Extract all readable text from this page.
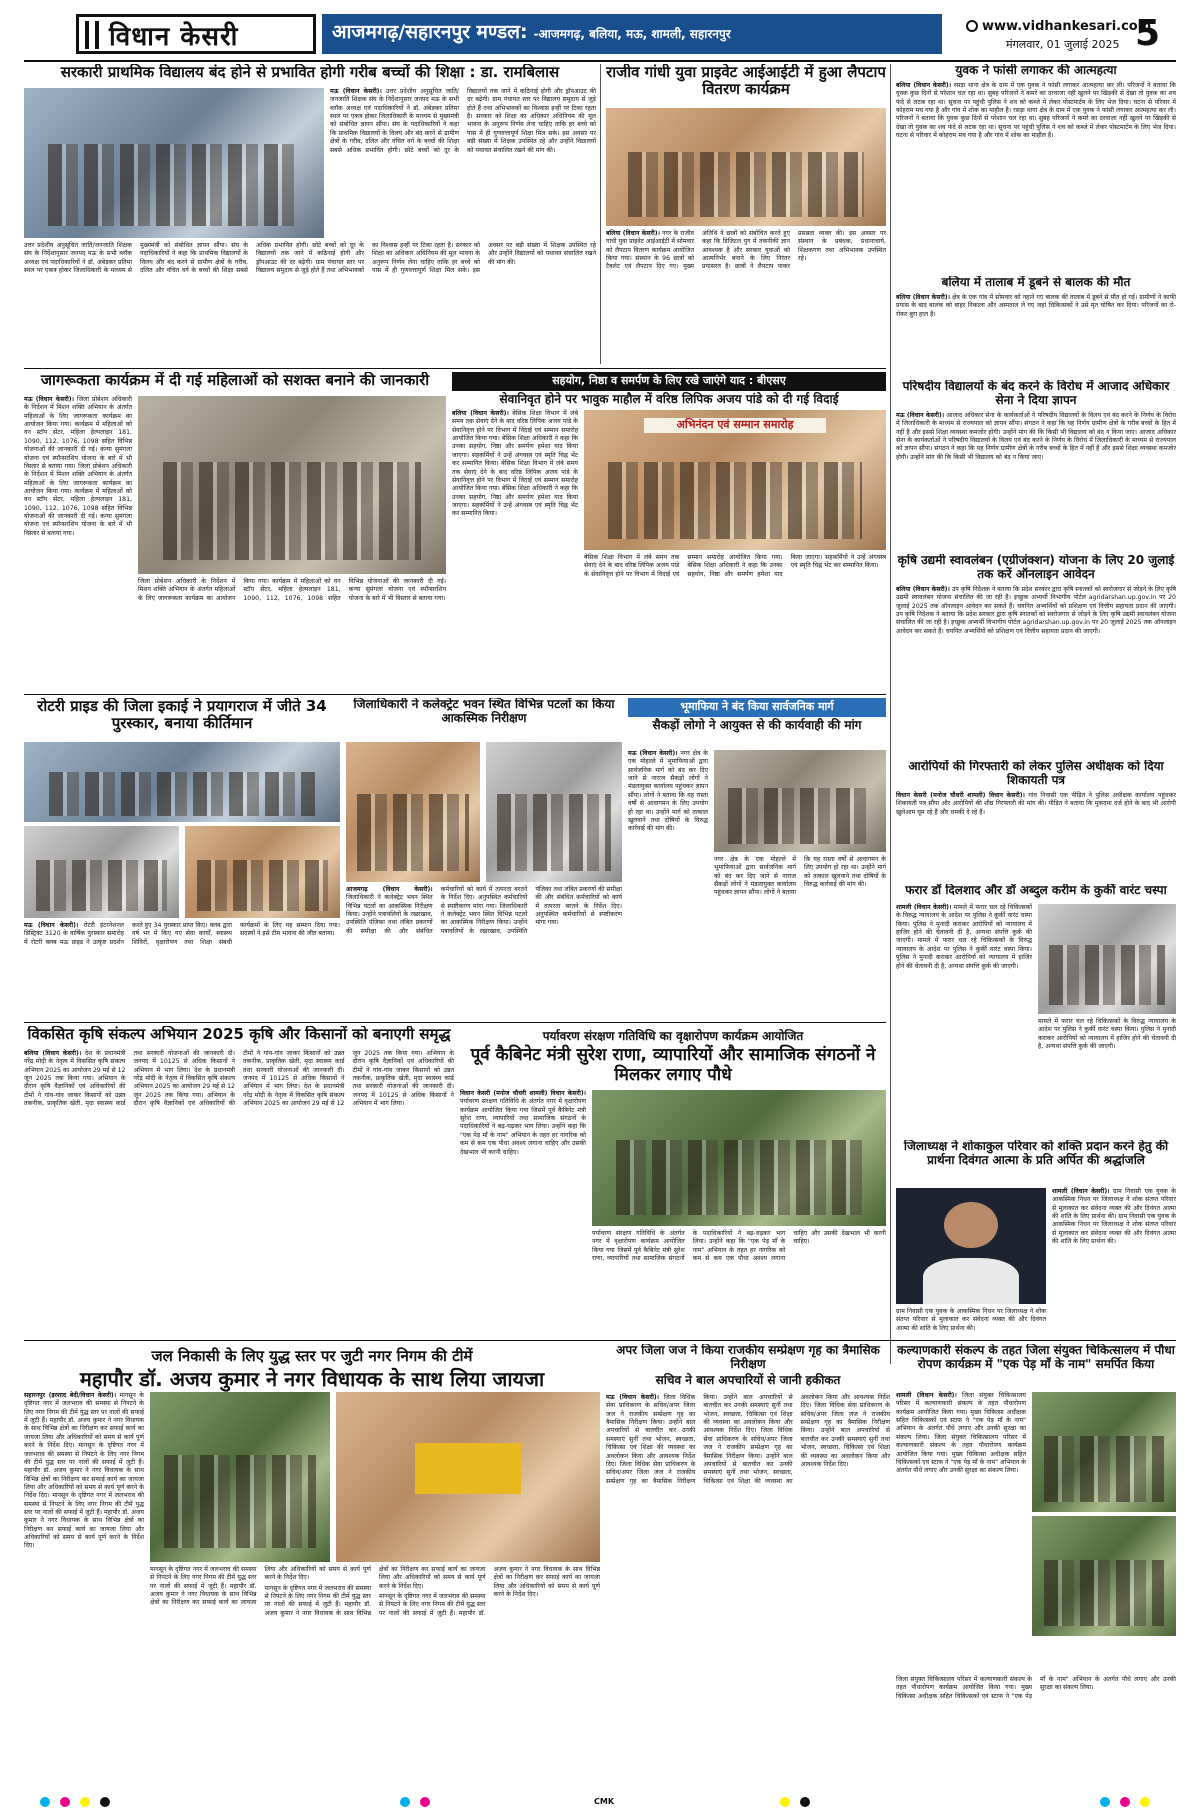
विधान केसरी	आजमगढ़/सहारनपुर मण्डल: -आजमगढ़, बलिया, मऊ, शामली, सहारनपुर	www.vidhankesari.com
मंगलवार, 01 जुलाई 2025 5
सरकारी प्राथमिक विद्यालय बंद होने से प्रभावित होगी गरीब बच्चों की शिक्षा : डा. रामबिलास

मऊ (विधान केसरी)। उत्तर प्रदेशीय अनुसूचित जाति/जनजाति शिक्षक संघ के निर्देशानुसार जनपद मऊ के सभी ब्लॉक अध्यक्ष एवं पदाधिकारियों ने डॉ. अंबेडकर प्रतिमा स्थल पर एकत्र होकर जिलाधिकारी के माध्यम से मुख्यमंत्री को संबोधित ज्ञापन सौंपा। संघ के पदाधिकारियों ने कहा कि प्राथमिक विद्यालयों के विलय और बंद करने से ग्रामीण क्षेत्रों के गरीब, दलित और वंचित वर्ग के बच्चों की शिक्षा सबसे अधिक प्रभावित होगी। छोटे बच्चों को दूर के विद्यालयों तक जाने में कठिनाई होगी और ड्रॉपआउट की दर बढ़ेगी। ग्राम पंचायत स्तर पर विद्यालय समुदाय से जुड़े होते हैं तथा अभिभावकों का विश्वास इन्हीं पर टिका रहता है। सरकार को शिक्षा का अधिकार अधिनियम की मूल भावना के अनुरूप निर्णय लेना चाहिए ताकि हर बच्चे को पास में ही गुणवत्तापूर्ण शिक्षा मिल सके। इस अवसर पर बड़ी संख्या में शिक्षक उपस्थित रहे और उन्होंने विद्यालयों को यथावत संचालित रखने की मांग की।

उत्तर प्रदेशीय अनुसूचित जाति/जनजाति शिक्षक संघ के निर्देशानुसार जनपद मऊ के सभी ब्लॉक अध्यक्ष एवं पदाधिकारियों ने डॉ. अंबेडकर प्रतिमा स्थल पर एकत्र होकर जिलाधिकारी के माध्यम से मुख्यमंत्री को संबोधित ज्ञापन सौंपा। संघ के पदाधिकारियों ने कहा कि प्राथमिक विद्यालयों के विलय और बंद करने से ग्रामीण क्षेत्रों के गरीब, दलित और वंचित वर्ग के बच्चों की शिक्षा सबसे अधिक प्रभावित होगी। छोटे बच्चों को दूर के विद्यालयों तक जाने में कठिनाई होगी और ड्रॉपआउट की दर बढ़ेगी। ग्राम पंचायत स्तर पर विद्यालय समुदाय से जुड़े होते हैं तथा अभिभावकों का विश्वास इन्हीं पर टिका रहता है। सरकार को शिक्षा का अधिकार अधिनियम की मूल भावना के अनुरूप निर्णय लेना चाहिए ताकि हर बच्चे को पास में ही गुणवत्तापूर्ण शिक्षा मिल सके। इस अवसर पर बड़ी संख्या में शिक्षक उपस्थित रहे और उन्होंने विद्यालयों को यथावत संचालित रखने की मांग की।

राजीव गांधी युवा प्राइवेट आईआईटी में हुआ लैपटाप वितरण कार्यक्रम

बलिया (विधान केसरी)। नगर के राजीव गांधी युवा प्राइवेट आईआईटी में सोमवार को लैपटाप वितरण कार्यक्रम आयोजित किया गया। संस्थान के 96 छात्रों को टैबलेट एवं लैपटाप दिए गए। मुख्य अतिथि ने छात्रों को संबोधित करते हुए कहा कि डिजिटल युग में तकनीकी ज्ञान आवश्यक है और सरकार युवाओं को आत्मनिर्भर बनाने के लिए निरंतर प्रयासरत है। छात्रों ने लैपटाप पाकर प्रसन्नता व्यक्त की। इस अवसर पर संस्थान के प्रबंधक, प्रधानाचार्य, शिक्षकगण तथा अभिभावक उपस्थित रहे।

युवक ने फांसी लगाकर की आत्महत्या

बलिया (विधान केसरी)। रसड़ा थाना क्षेत्र के ग्राम में एक युवक ने फांसी लगाकर आत्महत्या कर ली। परिजनों ने बताया कि युवक कुछ दिनों से परेशान चल रहा था। सुबह परिजनों ने कमरे का दरवाजा नहीं खुलने पर खिड़की से देखा तो युवक का शव फंदे से लटक रहा था। सूचना पर पहुंची पुलिस ने शव को कब्जे में लेकर पोस्टमार्टम के लिए भेज दिया। घटना से परिवार में कोहराम मच गया है और गांव में शोक का माहौल है। रसड़ा थाना क्षेत्र के ग्राम में एक युवक ने फांसी लगाकर आत्महत्या कर ली। परिजनों ने बताया कि युवक कुछ दिनों से परेशान चल रहा था। सुबह परिजनों ने कमरे का दरवाजा नहीं खुलने पर खिड़की से देखा तो युवक का शव फंदे से लटक रहा था। सूचना पर पहुंची पुलिस ने शव को कब्जे में लेकर पोस्टमार्टम के लिए भेज दिया। घटना से परिवार में कोहराम मच गया है और गांव में शोक का माहौल है।

बलिया में तालाब में डूबने से बालक की मौत

बलिया (विधान केसरी)। क्षेत्र के एक गांव में सोमवार को नहाने गए बालक की तालाब में डूबने से मौत हो गई। ग्रामीणों ने काफी प्रयास के बाद बालक को बाहर निकाला और अस्पताल ले गए जहां चिकित्सकों ने उसे मृत घोषित कर दिया। परिजनों का रो-रोकर बुरा हाल है।

जागरूकता कार्यक्रम में दी गई महिलाओं को सशक्त बनाने की जानकारी

मऊ (विधान केसरी)। जिला प्रोबेशन अधिकारी के निर्देशन में मिशन शक्ति अभियान के अंतर्गत महिलाओं के लिए जागरूकता कार्यक्रम का आयोजन किया गया। कार्यक्रम में महिलाओं को वन स्टॉप सेंटर, महिला हेल्पलाइन 181, 1090, 112, 1076, 1098 सहित विभिन्न योजनाओं की जानकारी दी गई। कन्या सुमंगला योजना एवं स्पॉन्सरशिप योजना के बारे में भी विस्तार से बताया गया। जिला प्रोबेशन अधिकारी के निर्देशन में मिशन शक्ति अभियान के अंतर्गत महिलाओं के लिए जागरूकता कार्यक्रम का आयोजन किया गया। कार्यक्रम में महिलाओं को वन स्टॉप सेंटर, महिला हेल्पलाइन 181, 1090, 112, 1076, 1098 सहित विभिन्न योजनाओं की जानकारी दी गई। कन्या सुमंगला योजना एवं स्पॉन्सरशिप योजना के बारे में भी विस्तार से बताया गया।

जिला प्रोबेशन अधिकारी के निर्देशन में मिशन शक्ति अभियान के अंतर्गत महिलाओं के लिए जागरूकता कार्यक्रम का आयोजन किया गया। कार्यक्रम में महिलाओं को वन स्टॉप सेंटर, महिला हेल्पलाइन 181, 1090, 112, 1076, 1098 सहित विभिन्न योजनाओं की जानकारी दी गई। कन्या सुमंगला योजना एवं स्पॉन्सरशिप योजना के बारे में भी विस्तार से बताया गया।

सहयोग, निष्ठा व समर्पण के लिए रखे जाएंगे याद : बीएसए
सेवानिवृत होने पर भावुक माहौल में वरिष्ठ लिपिक अजय पांडे को दी गई विदाई

बलिया (विधान केसरी)। बेसिक शिक्षा विभाग में लंबे समय तक सेवाएं देने के बाद वरिष्ठ लिपिक अजय पांडे के सेवानिवृत्त होने पर विभाग में विदाई एवं सम्मान समारोह आयोजित किया गया। बेसिक शिक्षा अधिकारी ने कहा कि उनका सहयोग, निष्ठा और समर्पण हमेशा याद किया जाएगा। सहकर्मियों ने उन्हें अंगवस्त्र एवं स्मृति चिह्न भेंट कर सम्मानित किया। बेसिक शिक्षा विभाग में लंबे समय तक सेवाएं देने के बाद वरिष्ठ लिपिक अजय पांडे के सेवानिवृत्त होने पर विभाग में विदाई एवं सम्मान समारोह आयोजित किया गया। बेसिक शिक्षा अधिकारी ने कहा कि उनका सहयोग, निष्ठा और समर्पण हमेशा याद किया जाएगा। सहकर्मियों ने उन्हें अंगवस्त्र एवं स्मृति चिह्न भेंट कर सम्मानित किया।

अभिनंदन एवं सम्मान समारोह

बेसिक शिक्षा विभाग में लंबे समय तक सेवाएं देने के बाद वरिष्ठ लिपिक अजय पांडे के सेवानिवृत्त होने पर विभाग में विदाई एवं सम्मान समारोह आयोजित किया गया। बेसिक शिक्षा अधिकारी ने कहा कि उनका सहयोग, निष्ठा और समर्पण हमेशा याद किया जाएगा। सहकर्मियों ने उन्हें अंगवस्त्र एवं स्मृति चिह्न भेंट कर सम्मानित किया।

परिषदीय विद्यालयों के बंद करने के विरोध में आजाद अधिकार सेना ने दिया ज्ञापन

मऊ (विधान केसरी)। आजाद अधिकार सेना के कार्यकर्ताओं ने परिषदीय विद्यालयों के विलय एवं बंद करने के निर्णय के विरोध में जिलाधिकारी के माध्यम से राज्यपाल को ज्ञापन सौंपा। संगठन ने कहा कि यह निर्णय ग्रामीण क्षेत्रों के गरीब बच्चों के हित में नहीं है और इससे शिक्षा व्यवस्था कमजोर होगी। उन्होंने मांग की कि किसी भी विद्यालय को बंद न किया जाए। आजाद अधिकार सेना के कार्यकर्ताओं ने परिषदीय विद्यालयों के विलय एवं बंद करने के निर्णय के विरोध में जिलाधिकारी के माध्यम से राज्यपाल को ज्ञापन सौंपा। संगठन ने कहा कि यह निर्णय ग्रामीण क्षेत्रों के गरीब बच्चों के हित में नहीं है और इससे शिक्षा व्यवस्था कमजोर होगी। उन्होंने मांग की कि किसी भी विद्यालय को बंद न किया जाए।

कृषि उद्यमी स्वावलंबन (एग्रीजंक्शन) योजना के लिए 20 जुलाई तक करें ऑनलाइन आवेदन

बलिया (विधान केसरी)। उप कृषि निदेशक ने बताया कि प्रदेश सरकार द्वारा कृषि स्नातकों को स्वरोजगार से जोड़ने के लिए कृषि उद्यमी स्वावलंबन योजना संचालित की जा रही है। इच्छुक अभ्यर्थी विभागीय पोर्टल agridarshan.up.gov.in पर 20 जुलाई 2025 तक ऑनलाइन आवेदन कर सकते हैं। चयनित अभ्यर्थियों को प्रशिक्षण एवं वित्तीय सहायता प्रदान की जाएगी। उप कृषि निदेशक ने बताया कि प्रदेश सरकार द्वारा कृषि स्नातकों को स्वरोजगार से जोड़ने के लिए कृषि उद्यमी स्वावलंबन योजना संचालित की जा रही है। इच्छुक अभ्यर्थी विभागीय पोर्टल agridarshan.up.gov.in पर 20 जुलाई 2025 तक ऑनलाइन आवेदन कर सकते हैं। चयनित अभ्यर्थियों को प्रशिक्षण एवं वित्तीय सहायता प्रदान की जाएगी।

रोटरी प्राइड की जिला इकाई ने प्रयागराज में जीते 34 पुरस्कार, बनाया कीर्तिमान

मऊ (विधान केसरी)। रोटरी इंटरनेशनल डिस्ट्रिक्ट 3120 के वार्षिक पुरस्कार समारोह में रोटरी क्लब मऊ प्राइड ने उत्कृष्ट प्रदर्शन करते हुए 34 पुरस्कार प्राप्त किए। क्लब द्वारा वर्ष भर में किए गए सेवा कार्यों, स्वास्थ्य शिविरों, वृक्षारोपण तथा शिक्षा संबंधी कार्यक्रमों के लिए यह सम्मान दिया गया। सदस्यों ने इसे टीम भावना की जीत बताया।

जिलाधिकारी ने कलेक्ट्रेट भवन स्थित विभिन्न पटलों का किया आकस्मिक निरीक्षण

आजमगढ़ (विधान केसरी)। जिलाधिकारी ने कलेक्ट्रेट भवन स्थित विभिन्न पटलों का आकस्मिक निरीक्षण किया। उन्होंने पत्रावलियों के रखरखाव, उपस्थिति पंजिका तथा लंबित प्रकरणों की समीक्षा की और संबंधित कर्मचारियों को कार्य में तत्परता बरतने के निर्देश दिए। अनुपस्थित कर्मचारियों से स्पष्टीकरण मांगा गया। जिलाधिकारी ने कलेक्ट्रेट भवन स्थित विभिन्न पटलों का आकस्मिक निरीक्षण किया। उन्होंने पत्रावलियों के रखरखाव, उपस्थिति पंजिका तथा लंबित प्रकरणों की समीक्षा की और संबंधित कर्मचारियों को कार्य में तत्परता बरतने के निर्देश दिए। अनुपस्थित कर्मचारियों से स्पष्टीकरण मांगा गया।

भूमाफिया ने बंद किया सार्वजनिक मार्ग
सैकड़ों लोगो ने आयुक्त से की कार्यवाही की मांग

मऊ (विधान केसरी)। नगर क्षेत्र के एक मोहल्ले में भूमाफियाओं द्वारा सार्वजनिक मार्ग को बंद कर दिए जाने से नाराज सैकड़ों लोगों ने मंडलायुक्त कार्यालय पहुंचकर ज्ञापन सौंपा। लोगों ने बताया कि यह रास्ता वर्षों से आवागमन के लिए उपयोग हो रहा था। उन्होंने मार्ग को तत्काल खुलवाने तथा दोषियों के विरुद्ध कार्रवाई की मांग की।

नगर क्षेत्र के एक मोहल्ले में भूमाफियाओं द्वारा सार्वजनिक मार्ग को बंद कर दिए जाने से नाराज सैकड़ों लोगों ने मंडलायुक्त कार्यालय पहुंचकर ज्ञापन सौंपा। लोगों ने बताया कि यह रास्ता वर्षों से आवागमन के लिए उपयोग हो रहा था। उन्होंने मार्ग को तत्काल खुलवाने तथा दोषियों के विरुद्ध कार्रवाई की मांग की।

आरोपियों की गिरफ्तारी को लेकर पुलिस अधीक्षक को दिया शिकायती पत्र

विधान केसरी (मनोज चौधरी शामली) विधान केसरी)। गांव निवासी एक पीड़ित ने पुलिस अधीक्षक कार्यालय पहुंचकर शिकायती पत्र सौंपा और आरोपियों की शीघ्र गिरफ्तारी की मांग की। पीड़ित ने बताया कि मुकदमा दर्ज होने के बाद भी आरोपी खुलेआम घूम रहे हैं और धमकी दे रहे हैं।

फरार डॉ दिलशाद और डॉ अब्दुल करीम के कुर्की वारंट चस्पा

शामली (विधान केसरी)। मामले में फरार चल रहे चिकित्सकों के विरुद्ध न्यायालय के आदेश पर पुलिस ने कुर्की वारंट चस्पा किया। पुलिस ने मुनादी कराकर आरोपियों को न्यायालय में हाजिर होने की चेतावनी दी है, अन्यथा संपत्ति कुर्क की जाएगी। मामले में फरार चल रहे चिकित्सकों के विरुद्ध न्यायालय के आदेश पर पुलिस ने कुर्की वारंट चस्पा किया। पुलिस ने मुनादी कराकर आरोपियों को न्यायालय में हाजिर होने की चेतावनी दी है, अन्यथा संपत्ति कुर्क की जाएगी।

मामले में फरार चल रहे चिकित्सकों के विरुद्ध न्यायालय के आदेश पर पुलिस ने कुर्की वारंट चस्पा किया। पुलिस ने मुनादी कराकर आरोपियों को न्यायालय में हाजिर होने की चेतावनी दी है, अन्यथा संपत्ति कुर्क की जाएगी।

विकसित कृषि संकल्प अभियान 2025 कृषि और किसानों को बनाएगी समृद्ध

बलिया (विधान केसरी)। देश के प्रधानमंत्री नरेंद्र मोदी के नेतृत्व में विकसित कृषि संकल्प अभियान 2025 का आयोजन 29 मई से 12 जून 2025 तक किया गया। अभियान के दौरान कृषि वैज्ञानिकों एवं अधिकारियों की टीमों ने गांव-गांव जाकर किसानों को उन्नत तकनीक, प्राकृतिक खेती, मृदा स्वास्थ्य कार्ड तथा सरकारी योजनाओं की जानकारी दी। जनपद में 10125 से अधिक किसानों ने अभियान में भाग लिया। देश के प्रधानमंत्री नरेंद्र मोदी के नेतृत्व में विकसित कृषि संकल्प अभियान 2025 का आयोजन 29 मई से 12 जून 2025 तक किया गया। अभियान के दौरान कृषि वैज्ञानिकों एवं अधिकारियों की टीमों ने गांव-गांव जाकर किसानों को उन्नत तकनीक, प्राकृतिक खेती, मृदा स्वास्थ्य कार्ड तथा सरकारी योजनाओं की जानकारी दी। जनपद में 10125 से अधिक किसानों ने अभियान में भाग लिया। देश के प्रधानमंत्री नरेंद्र मोदी के नेतृत्व में विकसित कृषि संकल्प अभियान 2025 का आयोजन 29 मई से 12 जून 2025 तक किया गया। अभियान के दौरान कृषि वैज्ञानिकों एवं अधिकारियों की टीमों ने गांव-गांव जाकर किसानों को उन्नत तकनीक, प्राकृतिक खेती, मृदा स्वास्थ्य कार्ड तथा सरकारी योजनाओं की जानकारी दी। जनपद में 10125 से अधिक किसानों ने अभियान में भाग लिया।

पर्यावरण संरक्षण गतिविधि का वृक्षारोपण कार्यक्रम आयोजित
पूर्व कैबिनेट मंत्री सुरेश राणा, व्यापारियों और सामाजिक संगठनों ने मिलकर लगाए पौधे

विधान केसरी (मनोज चौधरी शामली) विधान केसरी)। पर्यावरण संरक्षण गतिविधि के अंतर्गत नगर में वृक्षारोपण कार्यक्रम आयोजित किया गया जिसमें पूर्व कैबिनेट मंत्री सुरेश राणा, व्यापारियों तथा सामाजिक संगठनों के पदाधिकारियों ने बढ़-चढ़कर भाग लिया। उन्होंने कहा कि "एक पेड़ माँ के नाम" अभियान के तहत हर नागरिक को कम से कम एक पौधा अवश्य लगाना चाहिए और उसकी देखभाल भी करनी चाहिए।

पर्यावरण संरक्षण गतिविधि के अंतर्गत नगर में वृक्षारोपण कार्यक्रम आयोजित किया गया जिसमें पूर्व कैबिनेट मंत्री सुरेश राणा, व्यापारियों तथा सामाजिक संगठनों के पदाधिकारियों ने बढ़-चढ़कर भाग लिया। उन्होंने कहा कि "एक पेड़ माँ के नाम" अभियान के तहत हर नागरिक को कम से कम एक पौधा अवश्य लगाना चाहिए और उसकी देखभाल भी करनी चाहिए।

जिलाध्यक्ष ने शोकाकुल परिवार को शक्ति प्रदान करने हेतु की प्रार्थना दिवंगत आत्मा के प्रति अर्पित की श्रद्धांजलि

शामली (विधान केसरी)। ग्राम निवासी एक युवक के आकस्मिक निधन पर जिलाध्यक्ष ने शोक संतप्त परिवार से मुलाकात कर संवेदना व्यक्त की और दिवंगत आत्मा की शांति के लिए प्रार्थना की। ग्राम निवासी एक युवक के आकस्मिक निधन पर जिलाध्यक्ष ने शोक संतप्त परिवार से मुलाकात कर संवेदना व्यक्त की और दिवंगत आत्मा की शांति के लिए प्रार्थना की।

ग्राम निवासी एक युवक के आकस्मिक निधन पर जिलाध्यक्ष ने शोक संतप्त परिवार से मुलाकात कर संवेदना व्यक्त की और दिवंगत आत्मा की शांति के लिए प्रार्थना की।

जल निकासी के लिए युद्ध स्तर पर जुटी नगर निगम की टीमें
महापौर डॉ. अजय कुमार ने नगर विधायक के साथ लिया जायजा

सहारनपुर (इरशाद बेदी/विधान केसरी)। मानसून के दृष्टिगत नगर में जलभराव की समस्या से निपटने के लिए नगर निगम की टीमें युद्ध स्तर पर नालों की सफाई में जुटी हैं। महापौर डॉ. अजय कुमार ने नगर विधायक के साथ विभिन्न क्षेत्रों का निरीक्षण कर सफाई कार्य का जायजा लिया और अधिकारियों को समय से कार्य पूर्ण करने के निर्देश दिए। मानसून के दृष्टिगत नगर में जलभराव की समस्या से निपटने के लिए नगर निगम की टीमें युद्ध स्तर पर नालों की सफाई में जुटी हैं। महापौर डॉ. अजय कुमार ने नगर विधायक के साथ विभिन्न क्षेत्रों का निरीक्षण कर सफाई कार्य का जायजा लिया और अधिकारियों को समय से कार्य पूर्ण करने के निर्देश दिए। मानसून के दृष्टिगत नगर में जलभराव की समस्या से निपटने के लिए नगर निगम की टीमें युद्ध स्तर पर नालों की सफाई में जुटी हैं। महापौर डॉ. अजय कुमार ने नगर विधायक के साथ विभिन्न क्षेत्रों का निरीक्षण कर सफाई कार्य का जायजा लिया और अधिकारियों को समय से कार्य पूर्ण करने के निर्देश दिए।

मानसून के दृष्टिगत नगर में जलभराव की समस्या से निपटने के लिए नगर निगम की टीमें युद्ध स्तर पर नालों की सफाई में जुटी हैं। महापौर डॉ. अजय कुमार ने नगर विधायक के साथ विभिन्न क्षेत्रों का निरीक्षण कर सफाई कार्य का जायजा लिया और अधिकारियों को समय से कार्य पूर्ण करने के निर्देश दिए।

मानसून के दृष्टिगत नगर में जलभराव की समस्या से निपटने के लिए नगर निगम की टीमें युद्ध स्तर पर नालों की सफाई में जुटी हैं। महापौर डॉ. अजय कुमार ने नगर विधायक के साथ विभिन्न क्षेत्रों का निरीक्षण कर सफाई कार्य का जायजा लिया और अधिकारियों को समय से कार्य पूर्ण करने के निर्देश दिए।

मानसून के दृष्टिगत नगर में जलभराव की समस्या से निपटने के लिए नगर निगम की टीमें युद्ध स्तर पर नालों की सफाई में जुटी हैं। महापौर डॉ. अजय कुमार ने नगर विधायक के साथ विभिन्न क्षेत्रों का निरीक्षण कर सफाई कार्य का जायजा लिया और अधिकारियों को समय से कार्य पूर्ण करने के निर्देश दिए।

अपर जिला जज ने किया राजकीय सम्प्रेक्षण गृह का त्रैमासिक निरीक्षण
सचिव ने बाल अपचारियों से जानी हकीकत

मऊ (विधान केसरी)। जिला विधिक सेवा प्राधिकरण के सचिव/अपर जिला जज ने राजकीय सम्प्रेक्षण गृह का त्रैमासिक निरीक्षण किया। उन्होंने बाल अपचारियों से बातचीत कर उनकी समस्याएं सुनीं तथा भोजन, स्वच्छता, चिकित्सा एवं शिक्षा की व्यवस्था का अवलोकन किया और आवश्यक निर्देश दिए। जिला विधिक सेवा प्राधिकरण के सचिव/अपर जिला जज ने राजकीय सम्प्रेक्षण गृह का त्रैमासिक निरीक्षण किया। उन्होंने बाल अपचारियों से बातचीत कर उनकी समस्याएं सुनीं तथा भोजन, स्वच्छता, चिकित्सा एवं शिक्षा की व्यवस्था का अवलोकन किया और आवश्यक निर्देश दिए। जिला विधिक सेवा प्राधिकरण के सचिव/अपर जिला जज ने राजकीय सम्प्रेक्षण गृह का त्रैमासिक निरीक्षण किया। उन्होंने बाल अपचारियों से बातचीत कर उनकी समस्याएं सुनीं तथा भोजन, स्वच्छता, चिकित्सा एवं शिक्षा की व्यवस्था का अवलोकन किया और आवश्यक निर्देश दिए। जिला विधिक सेवा प्राधिकरण के सचिव/अपर जिला जज ने राजकीय सम्प्रेक्षण गृह का त्रैमासिक निरीक्षण किया। उन्होंने बाल अपचारियों से बातचीत कर उनकी समस्याएं सुनीं तथा भोजन, स्वच्छता, चिकित्सा एवं शिक्षा की व्यवस्था का अवलोकन किया और आवश्यक निर्देश दिए।

कल्याणकारी संकल्प के तहत जिला संयुक्त चिकित्सालय में पौधा रोपण कार्यक्रम में "एक पेड़ माँ के नाम" समर्पित किया

शामली (विधान केसरी)। जिला संयुक्त चिकित्सालय परिसर में कल्याणकारी संकल्प के तहत पौधारोपण कार्यक्रम आयोजित किया गया। मुख्य चिकित्सा अधीक्षक सहित चिकित्सकों एवं स्टाफ ने "एक पेड़ माँ के नाम" अभियान के अंतर्गत पौधे लगाए और उनकी सुरक्षा का संकल्प लिया। जिला संयुक्त चिकित्सालय परिसर में कल्याणकारी संकल्प के तहत पौधारोपण कार्यक्रम आयोजित किया गया। मुख्य चिकित्सा अधीक्षक सहित चिकित्सकों एवं स्टाफ ने "एक पेड़ माँ के नाम" अभियान के अंतर्गत पौधे लगाए और उनकी सुरक्षा का संकल्प लिया।

जिला संयुक्त चिकित्सालय परिसर में कल्याणकारी संकल्प के तहत पौधारोपण कार्यक्रम आयोजित किया गया। मुख्य चिकित्सा अधीक्षक सहित चिकित्सकों एवं स्टाफ ने "एक पेड़ माँ के नाम" अभियान के अंतर्गत पौधे लगाए और उनकी सुरक्षा का संकल्प लिया।

CMK
